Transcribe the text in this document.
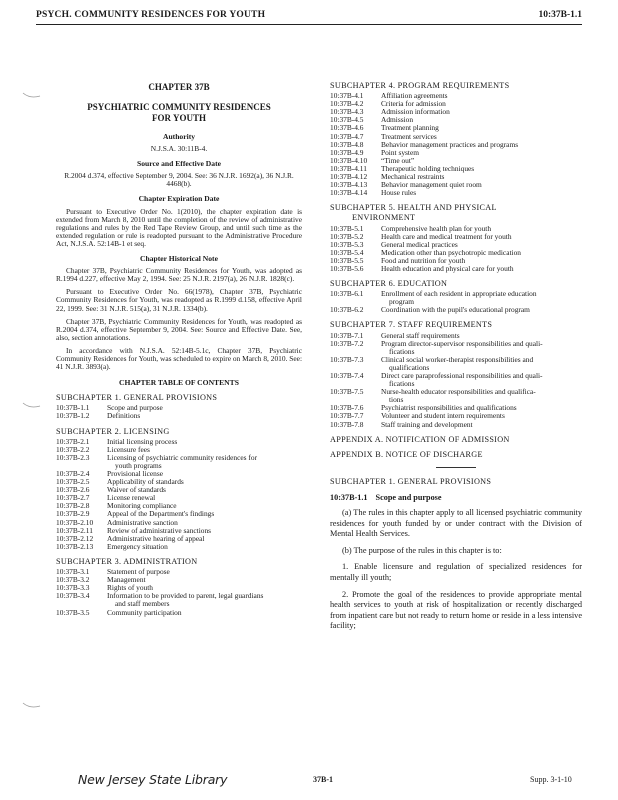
PSYCH. COMMUNITY RESIDENCES FOR YOUTH	10:37B-1.1
CHAPTER 37B
PSYCHIATRIC COMMUNITY RESIDENCES
FOR YOUTH
Authority
N.J.S.A. 30:11B-4.
Source and Effective Date
R.2004 d.374, effective September 9, 2004. See: 36 N.J.R. 1692(a), 36 N.J.R. 4468(b).
Chapter Expiration Date

Pursuant to Executive Order No. 1(2010), the chapter expiration date is extended from March 8, 2010 until the completion of the review of administrative regulations and rules by the Red Tape Review Group, and until such time as the extended regulation or rule is readopted pursuant to the Administrative Procedure Act, N.J.S.A. 52:14B-1 et seq.

Chapter Historical Note

Chapter 37B, Psychiatric Community Residences for Youth, was adopted as R.1994 d.227, effective May 2, 1994. See: 25 N.J.R. 2197(a), 26 N.J.R. 1828(c).

Pursuant to Executive Order No. 66(1978), Chapter 37B, Psychiatric Community Residences for Youth, was readopted as R.1999 d.158, effective April 22, 1999. See: 31 N.J.R. 515(a), 31 N.J.R. 1334(b).

Chapter 37B, Psychiatric Community Residences for Youth, was readopted as R.2004 d.374, effective September 9, 2004. See: Source and Effective Date. See, also, section annotations.

In accordance with N.J.S.A. 52:14B-5.1c, Chapter 37B, Psychiatric Community Residences for Youth, was scheduled to expire on March 8, 2010. See: 41 N.J.R. 3893(a).

CHAPTER TABLE OF CONTENTS
SUBCHAPTER 1. GENERAL PROVISIONS
10:37B-1.1	Scope and purpose
10:37B-1.2	Definitions
SUBCHAPTER 2. LICENSING
10:37B-2.1	Initial licensing process
10:37B-2.2	Licensure fees
10:37B-2.3	Licensing of psychiatric community residences for
youth programs
10:37B-2.4	Provisional license
10:37B-2.5	Applicability of standards
10:37B-2.6	Waiver of standards
10:37B-2.7	License renewal
10:37B-2.8	Monitoring compliance
10:37B-2.9	Appeal of the Department's findings
10:37B-2.10	Administrative sanction
10:37B-2.11	Review of administrative sanctions
10:37B-2.12	Administrative hearing of appeal
10:37B-2.13	Emergency situation
SUBCHAPTER 3. ADMINISTRATION
10:37B-3.1	Statement of purpose
10:37B-3.2	Management
10:37B-3.3	Rights of youth
10:37B-3.4	Information to be provided to parent, legal guardians
and staff members
10:37B-3.5	Community participation
SUBCHAPTER 4. PROGRAM REQUIREMENTS
10:37B-4.1	Affiliation agreements
10:37B-4.2	Criteria for admission
10:37B-4.3	Admission information
10:37B-4.5	Admission
10:37B-4.6	Treatment planning
10:37B-4.7	Treatment services
10:37B-4.8	Behavior management practices and programs
10:37B-4.9	Point system
10:37B-4.10	“Time out”
10:37B-4.11	Therapeutic holding techniques
10:37B-4.12	Mechanical restraints
10:37B-4.13	Behavior management quiet room
10:37B-4.14	House rules
SUBCHAPTER 5. HEALTH AND PHYSICAL
ENVIRONMENT
10:37B-5.1	Comprehensive health plan for youth
10:37B-5.2	Health care and medical treatment for youth
10:37B-5.3	General medical practices
10:37B-5.4	Medication other than psychotropic medication
10:37B-5.5	Food and nutrition for youth
10:37B-5.6	Health education and physical care for youth
SUBCHAPTER 6. EDUCATION
10:37B-6.1	Enrollment of each resident in appropriate education
program
10:37B-6.2	Coordination with the pupil's educational program
SUBCHAPTER 7. STAFF REQUIREMENTS
10:37B-7.1	General staff requirements
10:37B-7.2	Program director-supervisor responsibilities and quali-
fications
10:37B-7.3	Clinical social worker-therapist responsibilities and
qualifications
10:37B-7.4	Direct care paraprofessional responsibilities and quali-
fications
10:37B-7.5	Nurse-health educator responsibilities and qualifica-
tions
10:37B-7.6	Psychiatrist responsibilities and qualifications
10:37B-7.7	Volunteer and student intern requirements
10:37B-7.8	Staff training and development
APPENDIX A. NOTIFICATION OF ADMISSION
APPENDIX B. NOTICE OF DISCHARGE
SUBCHAPTER 1. GENERAL PROVISIONS
10:37B-1.1 Scope and purpose

(a) The rules in this chapter apply to all licensed psychiatric community residences for youth funded by or under contract with the Division of Mental Health Services.

(b) The purpose of the rules in this chapter is to:

1. Enable licensure and regulation of specialized residences for mentally ill youth;

2. Promote the goal of the residences to provide appropriate mental health services to youth at risk of hospitalization or recently discharged from inpatient care but not ready to return home or reside in a less intensive facility;

New Jersey State Library	37B-1	Supp. 3-1-10
